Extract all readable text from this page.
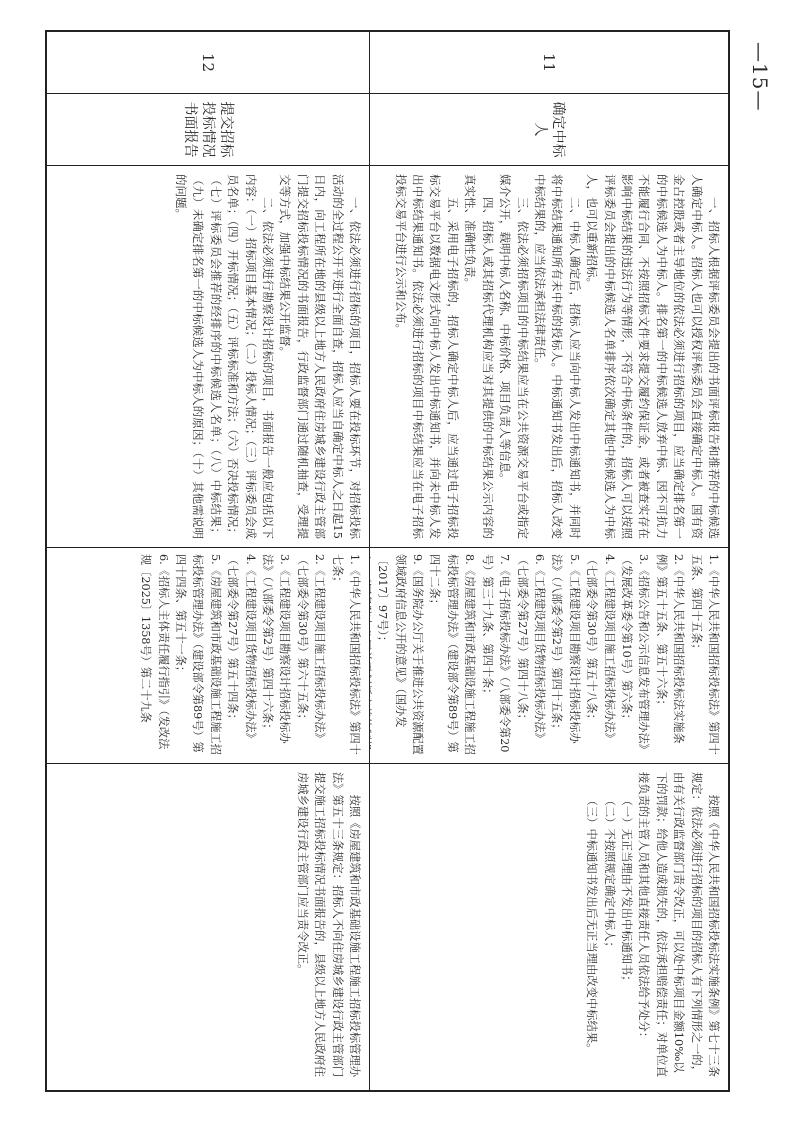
—15—
11
确定中标人

一、招标人根据评标委员会提出的书面评标报告和推荐的中标候选人确定中标人。招标人也可以授权评标委员会直接确定中标人。国有资金占控股或者主导地位的依法必须进行招标的项目，应当确定排名第一的中标候选人为中标人。排名第一的中标候选人放弃中标、因不可抗力不能履行合同、不按照招标文件要求提交履约保证金，或者被查实存在影响中标结果的违法行为等情形，不符合中标条件的，招标人可以按照评标委员会提出的中标候选人名单排序依次确定其他中标候选人为中标人，也可以重新招标。

二、中标人确定后，招标人应当向中标人发出中标通知书，并同时将中标结果通知所有未中标的投标人。中标通知书发出后，招标人改变中标结果的，应当依法承担法律责任。

三、依法必须招标项目的中标结果应当在公共资源交易平台或指定媒介公开，载明中标人名称、中标价格、项目负责人等信息。

四、招标人或其招标代理机构应当对其提供的中标结果公示内容的真实性、准确性负责。

五、采用电子招标的，招标人确定中标人后，应当通过电子招标投标交易平台以数据电文形式向中标人发出中标通知书，并向未中标人发出中标结果通知书。依法必须进行招标的项目中标结果应当在电子招标投标交易平台进行公示和公布。

1.《中华人民共和国招标投标法》第四十五条、第四十五条；

2.《中华人民共和国招标投标法实施条例》第五十五条、第五十六条；

3.《招标公告和公示信息发布管理办法》（发展改革委令第10号）第六条；

4.《工程建设项目施工招标投标办法》（七部委令第30号）第五十八条；

5.《工程建设项目勘察设计招标投标办法》（八部委令第2号）第四十五条；

6.《工程建设项目货物招标投标办法》（七部委令第27号）第四十八条；

7.《电子招标投标办法》（八部委令第20号）第三十九条、第四十条；

8.《房屋建筑和市政基础设施工程施工招标投标管理办法》（建设部令第89号）第四十二条；

9.《国务院办公厅关于推进公共资源配置领域政府信息公开的意见》（国办发〔2017〕97号）；

按照《中华人民共和国招标投标法实施条例》第七十三条规定：依法必须进行招标的项目的招标人有下列情形之一的，由有关行政监督部门责令改正，可以处中标项目金额10‰以下的罚款；给他人造成损失的，依法承担赔偿责任；对单位直接负责的主管人员和其他直接责任人员依法给予处分：

（一）无正当理由不发出中标通知书；

（二）不按照规定确定中标人；

（三）中标通知书发出后无正当理由改变中标结果。

12
提交招标投标情况书面报告

一、依法必须进行招标的项目，招标人要在投标环节，对招标投标活动的全过程公开平进行全面自查，招标人应当自确定中标人之日起15日内，向工程所在地的县级以上地方人民政府住房城乡建设行政主管部门提交招标投标情况的书面报告，行政监督部门通过随机抽查，受理提交等方式，加强中标结果公开监督。

二、依法必须进行勘察设计招标的项目，书面报告一般应包括以下内容：（一）招标项目基本情况；（二）投标人情况；（三）评标委员会成员名单；（四）开标情况；（五）评标标准和方法；（六）否决投标情况；（七）评标委员会推荐的经排序的中标候选人名单；（八）中标结果；（九）未确定排名第一的中标候选人为中标人的原因；（十）其他需说明的问题。

1.《中华人民共和国招标投标法》第四十七条；

2.《工程建设项目施工招标投标办法》（七部委令第30号）第六十五条；

3.《工程建设项目勘察设计招标投标办法》（八部委令第2号）第四十六条；

4.《工程建设项目货物招标投标办法》（七部委令第27号）第五十四条；

5.《房屋建筑和市政基础设施工程施工招标投标管理办法》（建设部令第89号）第四十四条、第五十一条；

6.《招标人主体责任履行指引》（发改法规〔2025〕1358号）第二十九条

按照《房屋建筑和市政基础设施工程施工招标投标管理办法》第五十三条规定：招标人不向住房城乡建设行政主管部门提交施工招标投标情况书面报告的，县级以上地方人民政府住房城乡建设行政主管部门应当责令改正。
